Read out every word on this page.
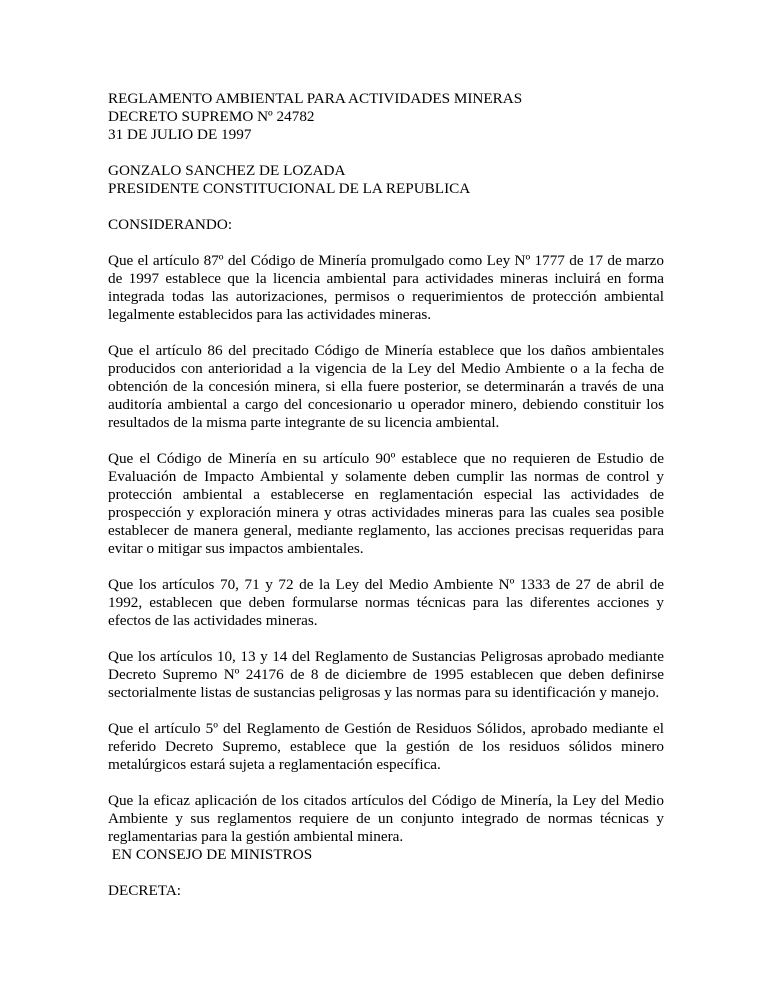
REGLAMENTO AMBIENTAL PARA ACTIVIDADES MINERAS
DECRETO SUPREMO Nº 24782
31 DE JULIO DE 1997
GONZALO SANCHEZ DE LOZADA
PRESIDENTE CONSTITUCIONAL DE LA REPUBLICA
CONSIDERANDO:

Que el artículo 87º del Código de Minería promulgado como Ley Nº 1777 de 17 de marzo de 1997 establece que la licencia ambiental para actividades mineras incluirá en forma integrada todas las autorizaciones, permisos o requerimientos de protección ambiental legalmente establecidos para las actividades mineras.

Que el artículo 86 del precitado Código de Minería establece que los daños ambientales producidos con anterioridad a la vigencia de la Ley del Medio Ambiente o a la fecha de obtención de la concesión minera, si ella fuere posterior, se determinarán a través de una auditoría ambiental a cargo del concesionario u operador minero, debiendo constituir los resultados de la misma parte integrante de su licencia ambiental.

Que el Código de Minería en su artículo 90º establece que no requieren de Estudio de Evaluación de Impacto Ambiental y solamente deben cumplir las normas de control y protección ambiental a establecerse en reglamentación especial las actividades de prospección y exploración minera y otras actividades mineras para las cuales sea posible establecer de manera general, mediante reglamento, las acciones precisas requeridas para evitar o mitigar sus impactos ambientales.

Que los artículos 70, 71 y 72 de la Ley del Medio Ambiente Nº 1333 de 27 de abril de 1992, establecen que deben formularse normas técnicas para las diferentes acciones y efectos de las actividades mineras.

Que los artículos 10, 13 y 14 del Reglamento de Sustancias Peligrosas aprobado mediante Decreto Supremo Nº 24176 de 8 de diciembre de 1995 establecen que deben definirse sectorialmente listas de sustancias peligrosas y las normas para su identificación y manejo.

Que el artículo 5º del Reglamento de Gestión de Residuos Sólidos, aprobado mediante el referido Decreto Supremo, establece que la gestión de los residuos sólidos minero metalúrgicos estará sujeta a reglamentación específica.

Que la eficaz aplicación de los citados artículos del Código de Minería, la Ley del Medio Ambiente y sus reglamentos requiere de un conjunto integrado de normas técnicas y reglamentarias para la gestión ambiental minera.

EN CONSEJO DE MINISTROS
DECRETA:
